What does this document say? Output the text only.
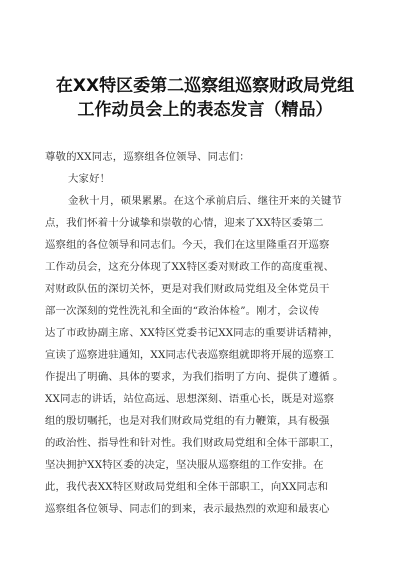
在XX特区委第二巡察组巡察财政局党组
工作动员会上的表态发言（精品）
尊敬的XX同志，巡察组各位领导、同志们：
大家好！
金秋十月，硕果累累。在这个承前启后、继往开来的关键节
点，我们怀着十分诚挚和崇敬的心情，迎来了XX特区委第二
巡察组的各位领导和同志们。今天，我们在这里隆重召开巡察
工作动员会，这充分体现了XX特区委对财政工作的高度重视、
对财政队伍的深切关怀，更是对我们财政局党组及全体党员干
部一次深刻的党性洗礼和全面的“政治体检”。刚才，会议传
达了市政协副主席、XX特区党委书记XX同志的重要讲话精神，
宣读了巡察进驻通知，XX同志代表巡察组就即将开展的巡察工
作提出了明确、具体的要求，为我们指明了方向、提供了遵循 。
XX同志的讲话，站位高远、思想深刻、语重心长，既是对巡察
组的殷切嘱托，也是对我们财政局党组的有力鞭策，具有极强
的政治性、指导性和针对性。我们财政局党组和全体干部职工，
坚决拥护XX特区委的决定，坚决服从巡察组的工作安排。在
此，我代表XX特区财政局党组和全体干部职工，向XX同志和
巡察组各位领导、同志们的到来，表示最热烈的欢迎和最衷心
